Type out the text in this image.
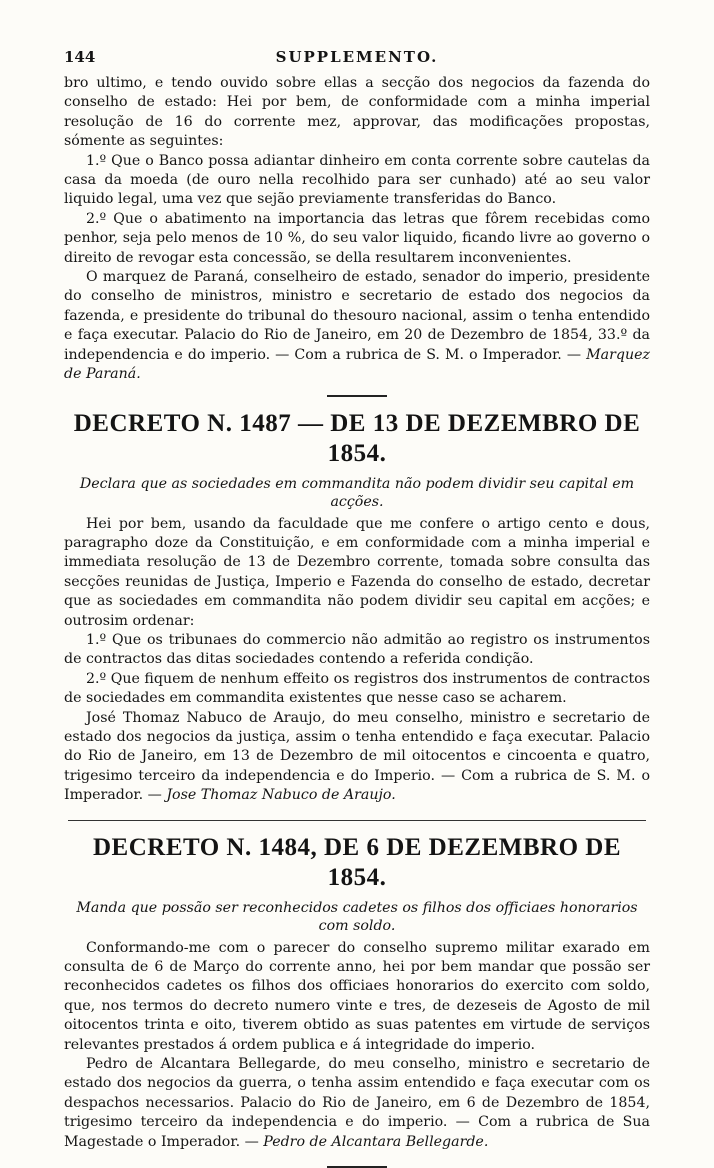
144	SUPPLEMENTO.

bro ultimo, e tendo ouvido sobre ellas a secção dos negocios da fazenda do conselho de estado: Hei por bem, de conformidade com a minha imperial resolução de 16 do corrente mez, approvar, das modificações propostas, sómente as seguintes:

1.º Que o Banco possa adiantar dinheiro em conta corrente sobre cautelas da casa da moeda (de ouro nella recolhido para ser cunhado) até ao seu valor liquido legal, uma vez que sejão previamente transferidas do Banco.

2.º Que o abatimento na importancia das letras que fôrem recebidas como penhor, seja pelo menos de 10 %, do seu valor liquido, ficando livre ao governo o direito de revogar esta concessão, se della resultarem inconvenientes.

O marquez de Paraná, conselheiro de estado, senador do imperio, presidente do conselho de ministros, ministro e secretario de estado dos negocios da fazenda, e presidente do tribunal do thesouro nacional, assim o tenha entendido e faça executar. Palacio do Rio de Janeiro, em 20 de Dezembro de 1854, 33.º da independencia e do imperio. — Com a rubrica de S. M. o Imperador. — Marquez de Paraná.

DECRETO N. 1487 — DE 13 DE DEZEMBRO DE 1854.

Declara que as sociedades em commandita não podem dividir seu capital em acções.

Hei por bem, usando da faculdade que me confere o artigo cento e dous, paragrapho doze da Constituição, e em conformidade com a minha imperial e immediata resolução de 13 de Dezembro corrente, tomada sobre consulta das secções reunidas de Justiça, Imperio e Fazenda do conselho de estado, decretar que as sociedades em commandita não podem dividir seu capital em acções; e outrosim ordenar:

1.º Que os tribunaes do commercio não admitão ao registro os instrumentos de contractos das ditas sociedades contendo a referida condição.

2.º Que fiquem de nenhum effeito os registros dos instrumentos de contractos de sociedades em commandita existentes que nesse caso se acharem.

José Thomaz Nabuco de Araujo, do meu conselho, ministro e secretario de estado dos negocios da justiça, assim o tenha entendido e faça executar. Palacio do Rio de Janeiro, em 13 de Dezembro de mil oitocentos e cincoenta e quatro, trigesimo terceiro da independencia e do Imperio. — Com a rubrica de S. M. o Imperador. — Jose Thomaz Nabuco de Araujo.

DECRETO N. 1484, DE 6 DE DEZEMBRO DE 1854.

Manda que possão ser reconhecidos cadetes os filhos dos officiaes honorarios com soldo.

Conformando-me com o parecer do conselho supremo militar exarado em consulta de 6 de Março do corrente anno, hei por bem mandar que possão ser reconhecidos cadetes os filhos dos officiaes honorarios do exercito com soldo, que, nos termos do decreto numero vinte e tres, de dezeseis de Agosto de mil oitocentos trinta e oito, tiverem obtido as suas patentes em virtude de serviços relevantes prestados á ordem publica e á integridade do imperio.

Pedro de Alcantara Bellegarde, do meu conselho, ministro e secretario de estado dos negocios da guerra, o tenha assim entendido e faça executar com os despachos necessarios. Palacio do Rio de Janeiro, em 6 de Dezembro de 1854, trigesimo terceiro da independencia e do imperio. — Com a rubrica de Sua Magestade o Imperador. — Pedro de Alcantara Bellegarde.
